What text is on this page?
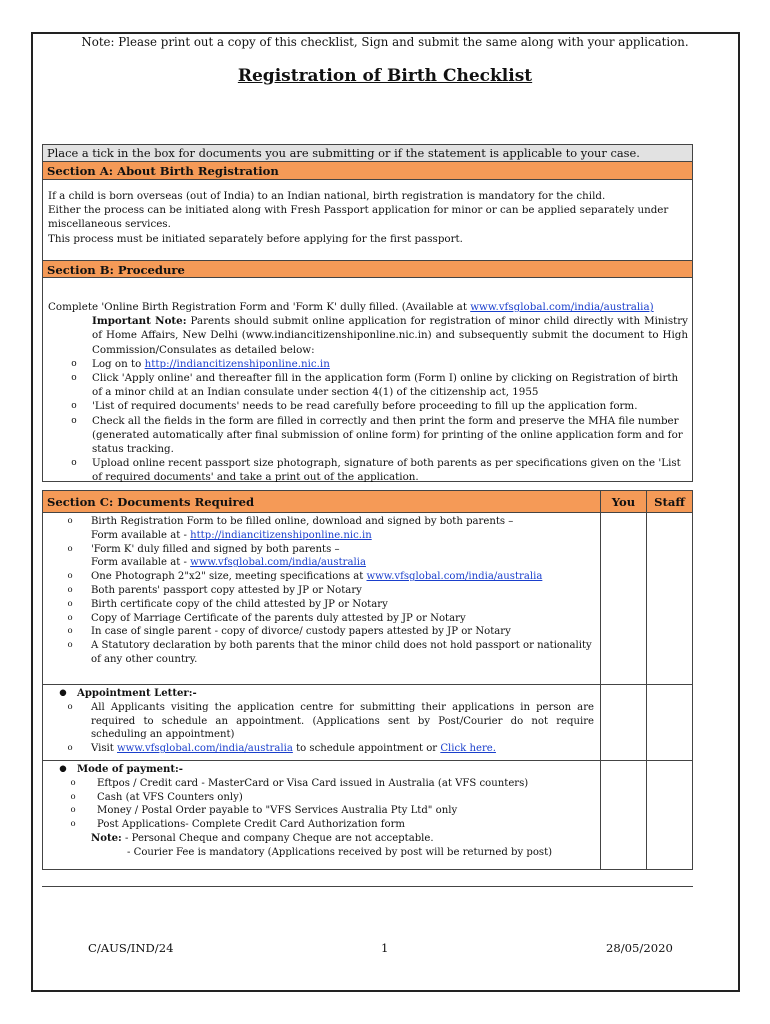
Note: Please print out a copy of this checklist, Sign and submit the same along with your application.
Registration of Birth Checklist
Place a tick in the box for documents you are submitting or if the statement is applicable to your case.
Section A: About Birth Registration

If a child is born overseas (out of India) to an Indian national, birth registration is mandatory for the child.

Either the process can be initiated along with Fresh Passport application for minor or can be applied separately under miscellaneous services.

This process must be initiated separately before applying for the first passport.

Section B: Procedure

Complete 'Online Birth Registration Form and 'Form K' dully filled. (Available at www.vfsglobal.com/india/australia)

Important Note: Parents should submit online application for registration of minor child directly with Ministry of Home Affairs, New Delhi (www.indiancitizenshiponline.nic.in) and subsequently submit the document to High Commission/Consulates as detailed below:

o	Log on to http://indiancitizenshiponline.nic.in
o	Click 'Apply online' and thereafter fill in the application form (Form I) online by clicking on Registration of birth of a minor child at an Indian consulate under section 4(1) of the citizenship act, 1955
o	'List of required documents' needs to be read carefully before proceeding to fill up the application form.
o	Check all the fields in the form are filled in correctly and then print the form and preserve the MHA file number (generated automatically after final submission of online form) for printing of the online application form and for status tracking.
o	Upload online recent passport size photograph, signature of both parents as per specifications given on the 'List of required documents' and take a print out of the application.
Section C: Documents Required	You	Staff
o	Birth Registration Form to be filled online, download and signed by both parents –
Form available at - http://indiancitizenshiponline.nic.in
o	'Form K' duly filled and signed by both parents –
Form available at - www.vfsglobal.com/india/australia
o	One Photograph 2"x2" size, meeting specifications at www.vfsglobal.com/india/australia
o	Both parents' passport copy attested by JP or Notary
o	Birth certificate copy of the child attested by JP or Notary
o	Copy of Marriage Certificate of the parents duly attested by JP or Notary
o	In case of single parent - copy of divorce/ custody papers attested by JP or Notary
o	A Statutory declaration by both parents that the minor child does not hold passport or nationality of any other country.
●	Appointment Letter:-
o	All Applicants visiting the application centre for submitting their applications in person are required to schedule an appointment. (Applications sent by Post/Courier do not require scheduling an appointment)
o	Visit www.vfsglobal.com/india/australia to schedule appointment or Click here.
●	Mode of payment:-
o	Eftpos / Credit card - MasterCard or Visa Card issued in Australia (at VFS counters)
o	Cash (at VFS Counters only)
o	Money / Postal Order payable to "VFS Services Australia Pty Ltd" only
o	Post Applications- Complete Credit Card Authorization form
Note: - Personal Cheque and company Cheque are not acceptable.
- Courier Fee is mandatory (Applications received by post will be returned by post)
C/AUS/IND/24	1	28/05/2020
